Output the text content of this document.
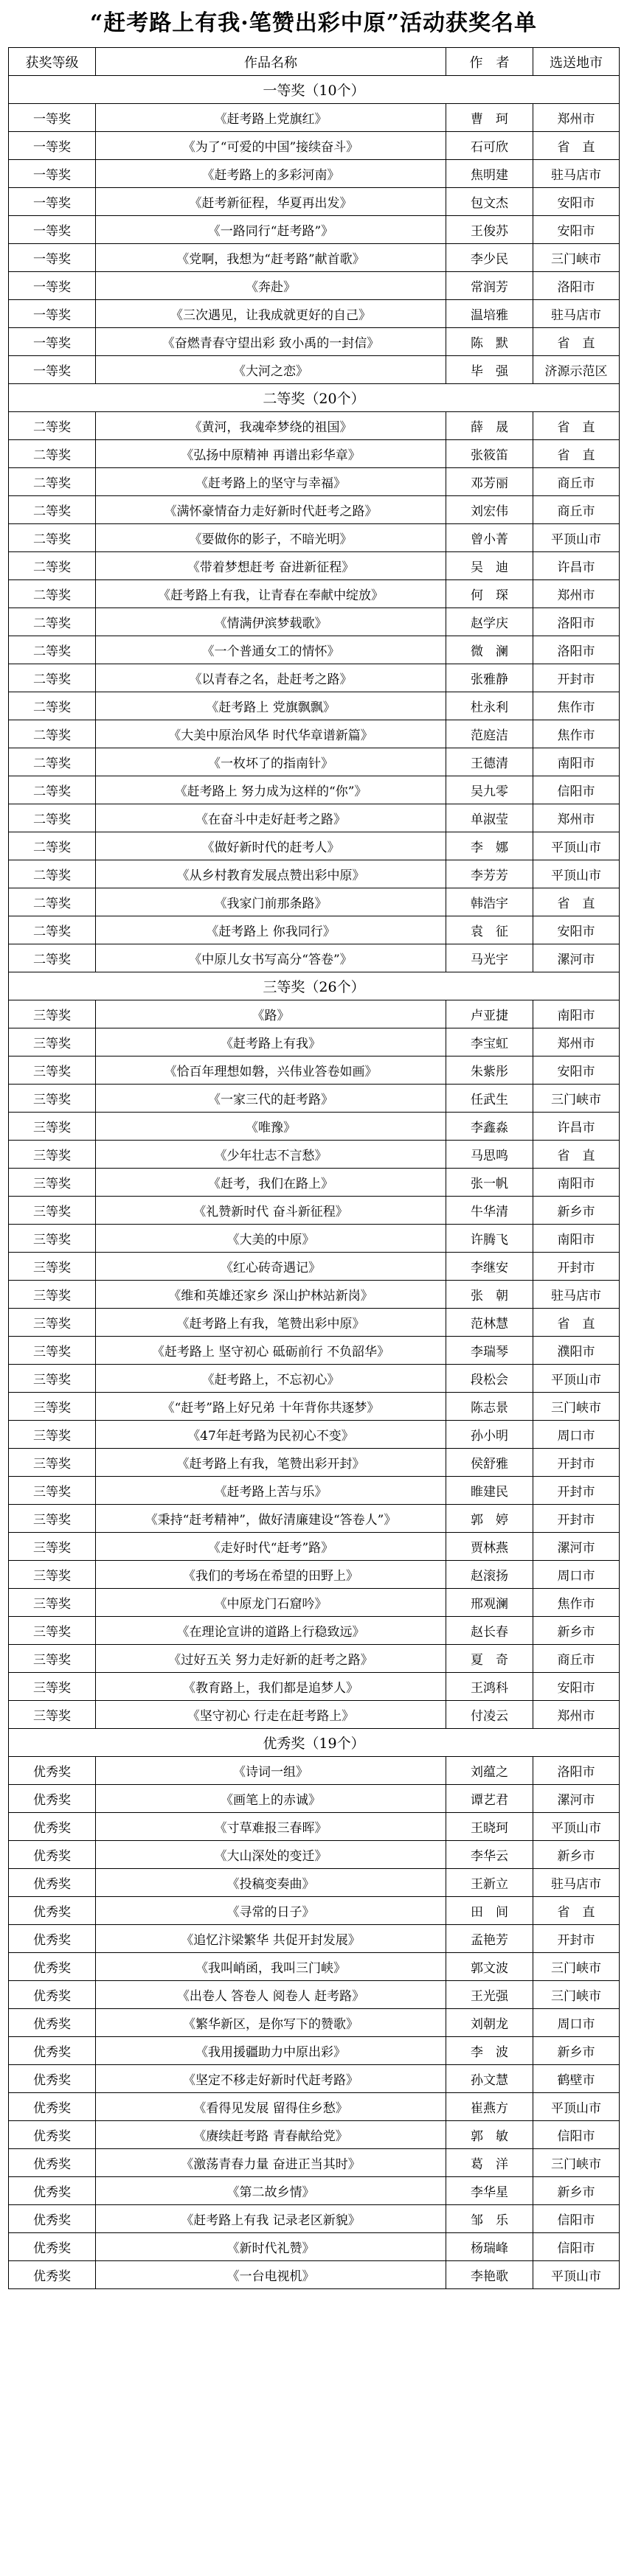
“赶考路上有我·笔赞出彩中原”活动获奖名单
获奖等级	作品名称	作　者	选送地市
一等奖（10个）			
一等奖	《赶考路上党旗红》	曹　珂	郑州市
一等奖	《为了“可爱的中国”接续奋斗》	石可欣	省　直
一等奖	《赶考路上的多彩河南》	焦明建	驻马店市
一等奖	《赶考新征程，华夏再出发》	包文杰	安阳市
一等奖	《一路同行“赶考路”》	王俊苏	安阳市
一等奖	《党啊，我想为“赶考路”献首歌》	李少民	三门峡市
一等奖	《奔赴》	常润芳	洛阳市
一等奖	《三次遇见，让我成就更好的自己》	温培雅	驻马店市
一等奖	《奋燃青春守望出彩 致小禹的一封信》	陈　默	省　直
一等奖	《大河之恋》	毕　强	济源示范区
二等奖（20个）			
二等奖	《黄河，我魂牵梦绕的祖国》	薛　晟	省　直
二等奖	《弘扬中原精神 再谱出彩华章》	张筱笛	省　直
二等奖	《赶考路上的坚守与幸福》	邓芳丽	商丘市
二等奖	《满怀豪情奋力走好新时代赶考之路》	刘宏伟	商丘市
二等奖	《要做你的影子，不暗光明》	曾小菁	平顶山市
二等奖	《带着梦想赶考 奋进新征程》	吴　迪	许昌市
二等奖	《赶考路上有我，让青春在奉献中绽放》	何　琛	郑州市
二等奖	《情满伊滨梦载歌》	赵学庆	洛阳市
二等奖	《一个普通女工的情怀》	微　澜	洛阳市
二等奖	《以青春之名，赴赶考之路》	张雅静	开封市
二等奖	《赶考路上 党旗飘飘》	杜永利	焦作市
二等奖	《大美中原治风华 时代华章谱新篇》	范庭洁	焦作市
二等奖	《一枚坏了的指南针》	王德清	南阳市
二等奖	《赶考路上 努力成为这样的“你”》	吴九零	信阳市
二等奖	《在奋斗中走好赶考之路》	单淑莹	郑州市
二等奖	《做好新时代的赶考人》	李　娜	平顶山市
二等奖	《从乡村教育发展点赞出彩中原》	李芳芳	平顶山市
二等奖	《我家门前那条路》	韩浩宇	省　直
二等奖	《赶考路上 你我同行》	袁　征	安阳市
二等奖	《中原儿女书写高分“答卷”》	马光宇	漯河市
三等奖（26个）			
三等奖	《路》	卢亚捷	南阳市
三等奖	《赶考路上有我》	李宝虹	郑州市
三等奖	《恰百年理想如磐，兴伟业答卷如画》	朱紫彤	安阳市
三等奖	《一家三代的赶考路》	任武生	三门峡市
三等奖	《唯豫》	李鑫淼	许昌市
三等奖	《少年壮志不言愁》	马思鸣	省　直
三等奖	《赶考，我们在路上》	张一帆	南阳市
三等奖	《礼赞新时代 奋斗新征程》	牛华清	新乡市
三等奖	《大美的中原》	许腾飞	南阳市
三等奖	《红心砖奇遇记》	李继安	开封市
三等奖	《维和英雄还家乡 深山护林站新岗》	张　朝	驻马店市
三等奖	《赶考路上有我，笔赞出彩中原》	范林慧	省　直
三等奖	《赶考路上 坚守初心 砥砺前行 不负韶华》	李瑞琴	濮阳市
三等奖	《赶考路上，不忘初心》	段松会	平顶山市
三等奖	《“赶考”路上好兄弟 十年背你共逐梦》	陈志景	三门峡市
三等奖	《47年赶考路为民初心不变》	孙小明	周口市
三等奖	《赶考路上有我，笔赞出彩开封》	侯舒雅	开封市
三等奖	《赶考路上苦与乐》	睢建民	开封市
三等奖	《秉持“赶考精神”，做好清廉建设“答卷人”》	郭　婷	开封市
三等奖	《走好时代“赶考”路》	贾林燕	漯河市
三等奖	《我们的考场在希望的田野上》	赵滚扬	周口市
三等奖	《中原龙门石窟吟》	邢观澜	焦作市
三等奖	《在理论宣讲的道路上行稳致远》	赵长春	新乡市
三等奖	《过好五关 努力走好新的赶考之路》	夏　奇	商丘市
三等奖	《教育路上，我们都是追梦人》	王鸿科	安阳市
三等奖	《坚守初心 行走在赶考路上》	付凌云	郑州市
优秀奖（19个）			
优秀奖	《诗词一组》	刘蕴之	洛阳市
优秀奖	《画笔上的赤诚》	谭艺君	漯河市
优秀奖	《寸草难报三春晖》	王晓珂	平顶山市
优秀奖	《大山深处的变迁》	李华云	新乡市
优秀奖	《投稿变奏曲》	王新立	驻马店市
优秀奖	《寻常的日子》	田　间	省　直
优秀奖	《追忆汴梁繁华 共促开封发展》	孟艳芳	开封市
优秀奖	《我叫峭函，我叫三门峡》	郭文波	三门峡市
优秀奖	《出卷人 答卷人 阅卷人 赶考路》	王光强	三门峡市
优秀奖	《繁华新区，是你写下的赞歌》	刘朝龙	周口市
优秀奖	《我用援疆助力中原出彩》	李　波	新乡市
优秀奖	《坚定不移走好新时代赶考路》	孙文慧	鹤壁市
优秀奖	《看得见发展 留得住乡愁》	崔燕方	平顶山市
优秀奖	《赓续赶考路 青春献给党》	郭　敏	信阳市
优秀奖	《激荡青春力量 奋进正当其时》	葛　洋	三门峡市
优秀奖	《第二故乡情》	李华星	新乡市
优秀奖	《赶考路上有我 记录老区新貌》	邹　乐	信阳市
优秀奖	《新时代礼赞》	杨瑞峰	信阳市
优秀奖	《一台电视机》	李艳歌	平顶山市
